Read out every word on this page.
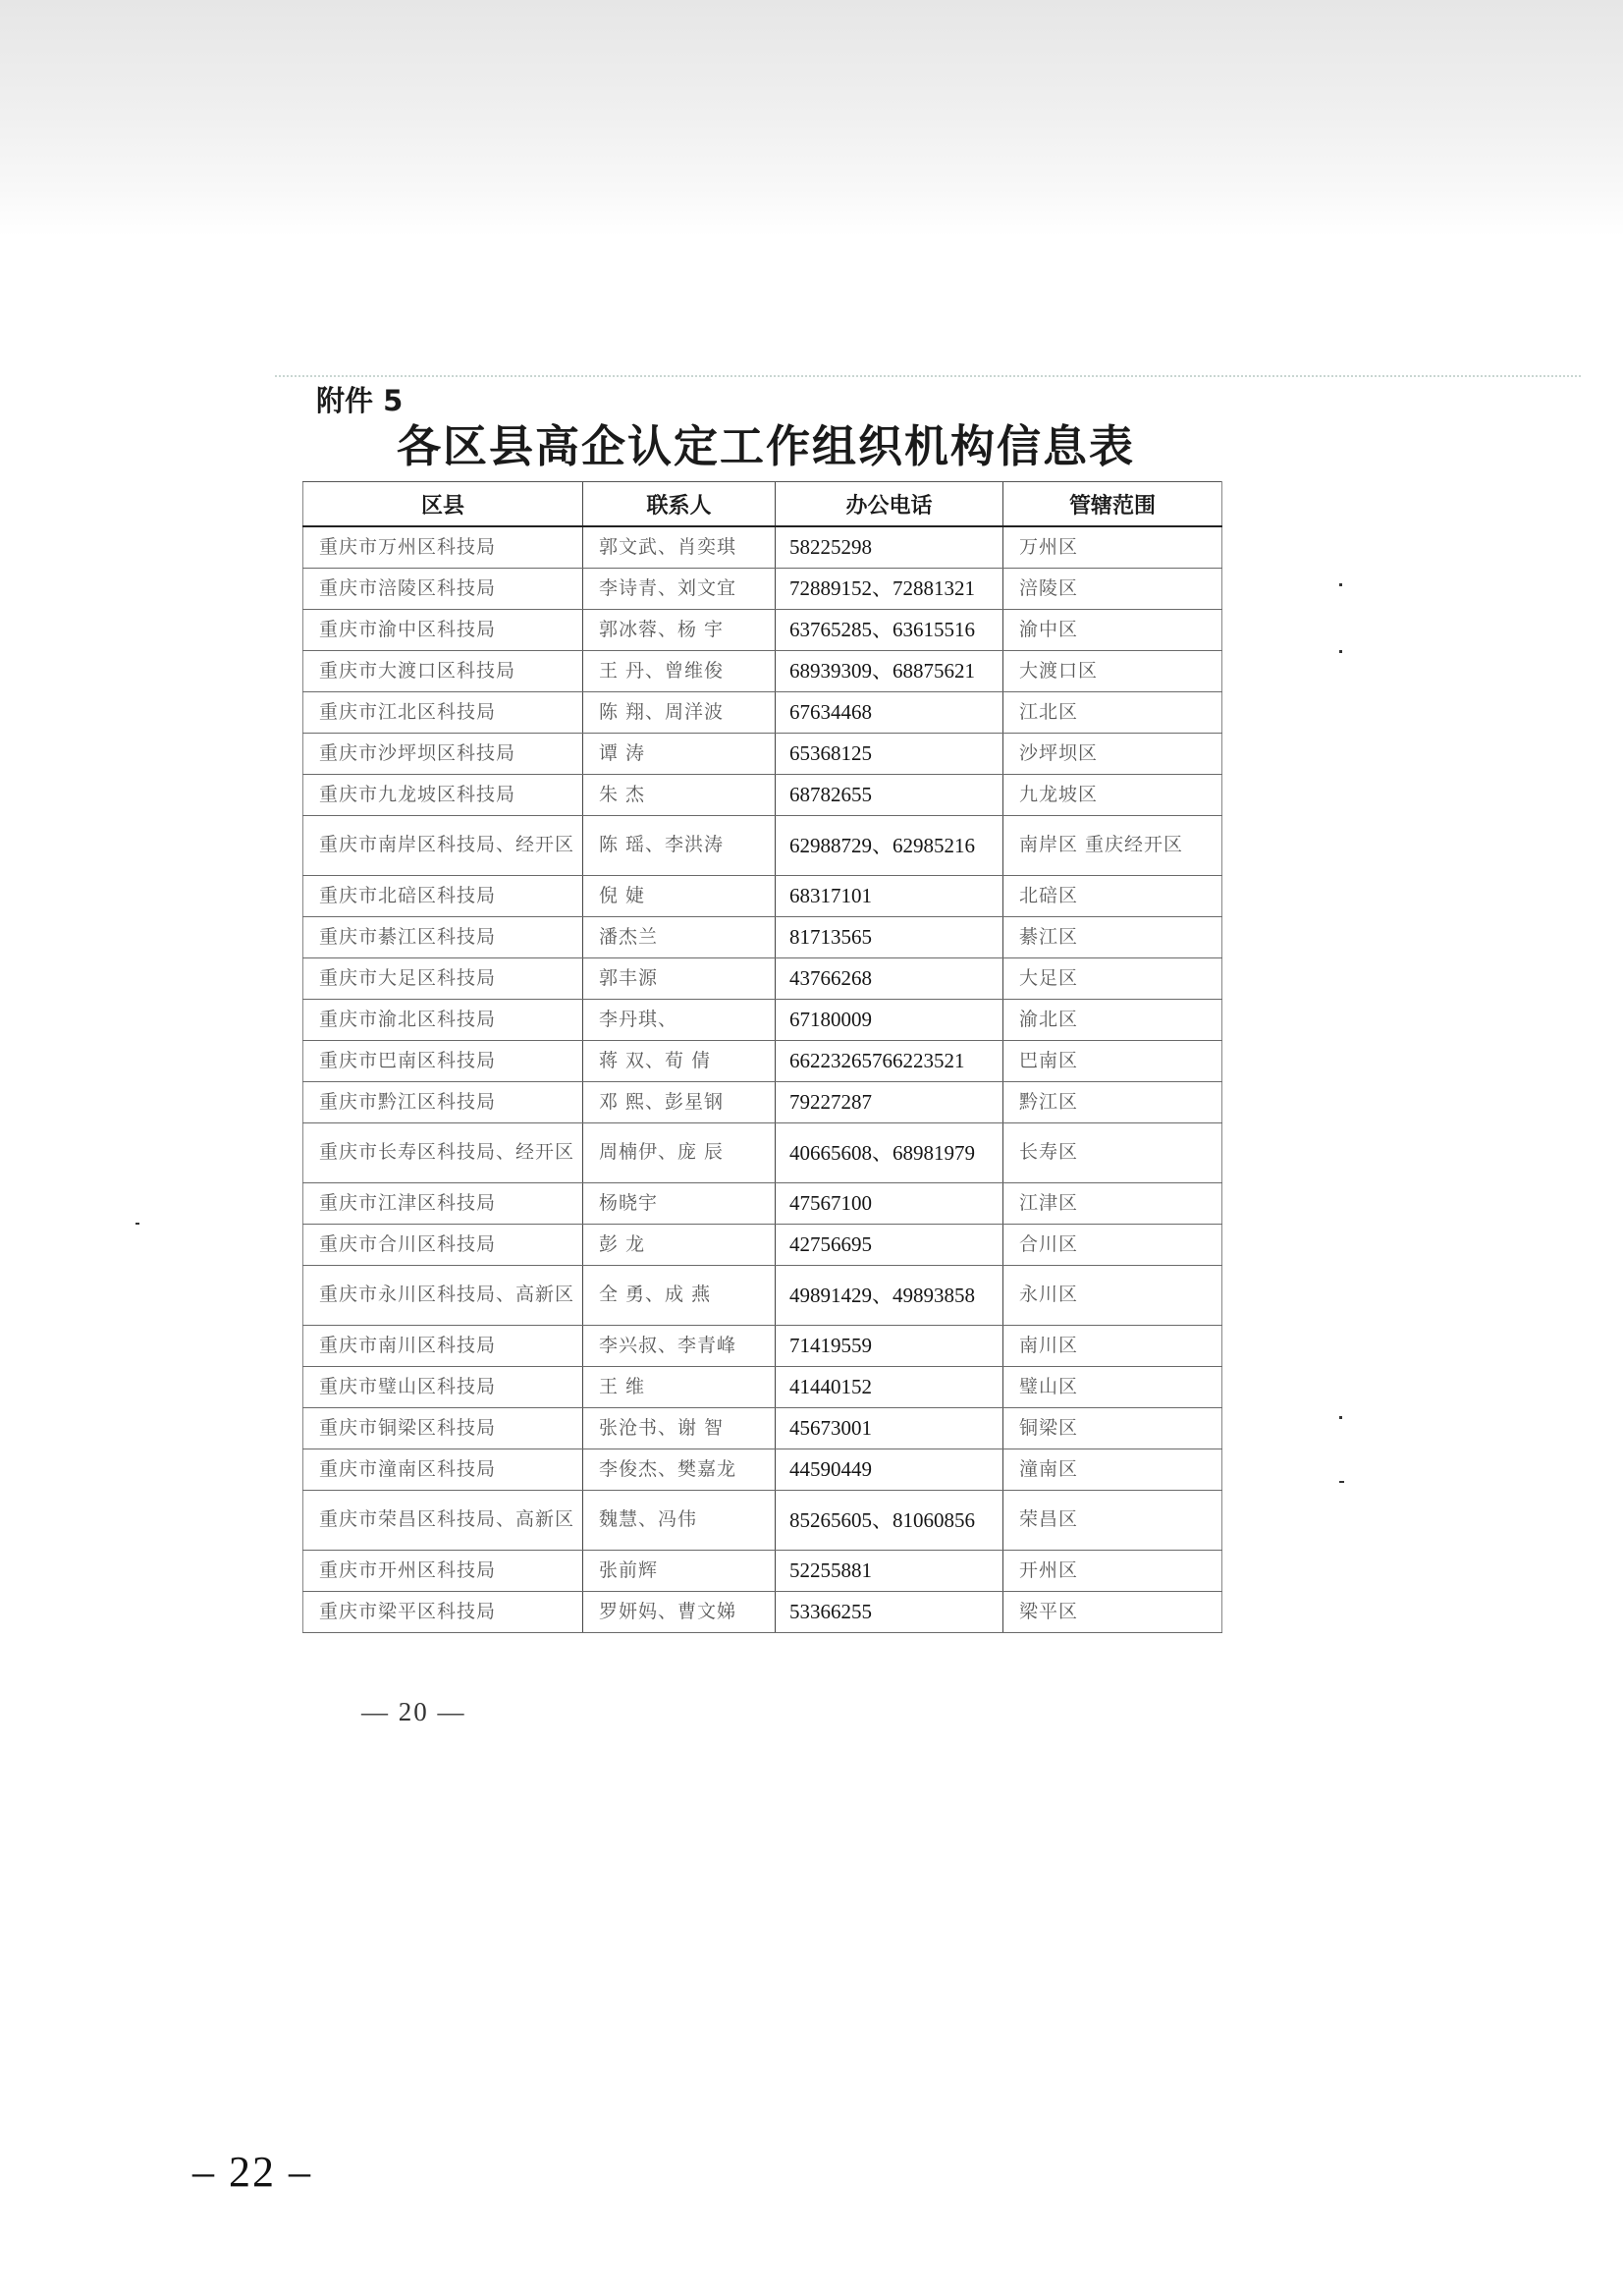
附件 5
各区县高企认定工作组织机构信息表
区县	联系人	办公电话	管辖范围
重庆市万州区科技局	郭文武、肖奕琪	58225298	万州区
重庆市涪陵区科技局	李诗青、刘文宜	72889152、72881321	涪陵区
重庆市渝中区科技局	郭冰蓉、杨 宇	63765285、63615516	渝中区
重庆市大渡口区科技局	王 丹、曾维俊	68939309、68875621	大渡口区
重庆市江北区科技局	陈 翔、周洋波	67634468	江北区
重庆市沙坪坝区科技局	谭 涛	65368125	沙坪坝区
重庆市九龙坡区科技局	朱 杰	68782655	九龙坡区
重庆市南岸区科技局、经开区	陈 瑶、李洪涛	62988729、62985216	南岸区 重庆经开区
重庆市北碚区科技局	倪 婕	68317101	北碚区
重庆市綦江区科技局	潘杰兰	81713565	綦江区
重庆市大足区科技局	郭丰源	43766268	大足区
重庆市渝北区科技局	李丹琪、	67180009	渝北区
重庆市巴南区科技局	蒋 双、荀 倩	66223265766223521	巴南区
重庆市黔江区科技局	邓 熙、彭星钢	79227287	黔江区
重庆市长寿区科技局、经开区	周楠伊、庞 辰	40665608、68981979	长寿区
重庆市江津区科技局	杨晓宇	47567100	江津区
重庆市合川区科技局	彭 龙	42756695	合川区
重庆市永川区科技局、高新区	全 勇、成 燕	49891429、49893858	永川区
重庆市南川区科技局	李兴叔、李青峰	71419559	南川区
重庆市璧山区科技局	王 维	41440152	璧山区
重庆市铜梁区科技局	张沧书、谢 智	45673001	铜梁区
重庆市潼南区科技局	李俊杰、樊嘉龙	44590449	潼南区
重庆市荣昌区科技局、高新区	魏慧、冯伟	85265605、81060856	荣昌区
重庆市开州区科技局	张前辉	52255881	开州区
重庆市梁平区科技局	罗妍妈、曹文娣	53366255	梁平区
— 20 —
– 22 –
